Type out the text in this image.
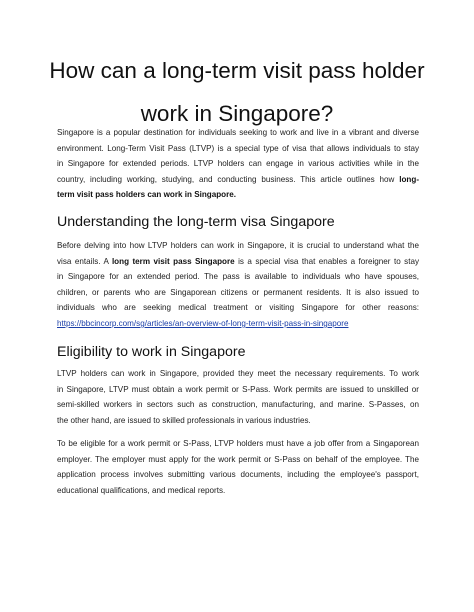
How can a long-term visit pass holder
work in Singapore?
Singapore is a popular destination for individuals seeking to work and live in a vibrant and diverse
environment. Long-Term Visit Pass (LTVP) is a special type of visa that allows individuals to stay
in Singapore for extended periods. LTVP holders can engage in various activities while in the
country, including working, studying, and conducting business. This article outlines how long-
term visit pass holders can work in Singapore.
Understanding the long-term visa Singapore
Before delving into how LTVP holders can work in Singapore, it is crucial to understand what the
visa entails. A long term visit pass Singapore is a special visa that enables a foreigner to stay
in Singapore for an extended period. The pass is available to individuals who have spouses,
children, or parents who are Singaporean citizens or permanent residents. It is also issued to
individuals who are seeking medical treatment or visiting Singapore for other reasons:
https://bbcincorp.com/sg/articles/an-overview-of-long-term-visit-pass-in-singapore
Eligibility to work in Singapore
LTVP holders can work in Singapore, provided they meet the necessary requirements. To work
in Singapore, LTVP must obtain a work permit or S-Pass. Work permits are issued to unskilled or
semi-skilled workers in sectors such as construction, manufacturing, and marine. S-Passes, on
the other hand, are issued to skilled professionals in various industries.
To be eligible for a work permit or S-Pass, LTVP holders must have a job offer from a Singaporean
employer. The employer must apply for the work permit or S-Pass on behalf of the employee. The
application process involves submitting various documents, including the employee's passport,
educational qualifications, and medical reports.
